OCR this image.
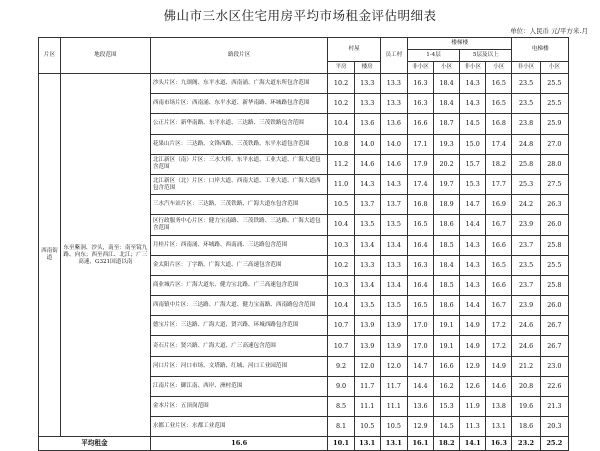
佛山市三水区住宅用房平均市场租金评估明细表
单位：人民币 元/平方米.月
片区	地段范围	路段片区	村屋		员工村	楼梯楼				电梯楼	
						1-4层		5层及以上			
			平房	楼房		非小区	小区	非小区	小区	非小区	小区
西南街道	东至紫洞、沙头，南至：南至镜九路、向东；西至西江、北江；广三高速，G321国道以南	沙头片区：九颂阁、东平水道、西南涌、广海大道东所包含范围	10.2	13.3	13.3	16.3	18.4	14.3	16.5	23.5	25.5
		西南市场片区：西南涌、东平水道、新华南路、环城路包含范围	10.2	13.3	13.3	16.3	18.4	14.3	16.5	23.5	25.5
		公正片区：新华南路、东平水道、三达路、三茂铁路包含范围	10.4	13.6	13.6	16.6	18.7	14.5	16.8	23.8	25.9
		花果山片区：三达路、文锋西路、三茂铁路、东平水道包含范围	10.8	14.0	14.0	17.1	19.3	15.0	17.4	24.8	27.0
		北江新区（南）片区：三水大桥、东平水道、工业大道、广海大道包含范围	11.2	14.6	14.6	17.9	20.2	15.7	18.2	25.8	28.0
		北江新区（北）片区：口岸大道、西南大道、工业大道、广海大道西包含范围	11.0	14.3	14.3	17.4	19.7	15.3	17.7	25.3	27.5
		三水汽车站片区：三达路、三茂铁路、广海大道东包含范围	10.5	13.7	13.7	16.8	18.9	14.7	16.9	24.2	26.3
		区行政服务中心片区：健力宝南路、三茂铁路、三达路、广海大道包含范围	10.4	13.5	13.5	16.5	18.6	14.4	16.7	23.9	26.0
		月桂片区：西南涌、环城路、西南涌、三达路包含范围	10.3	13.4	13.4	16.4	18.5	14.3	16.6	23.7	25.8
		金太阳片区：丁字路、广海大道、广三高速包含范围	10.2	13.3	13.3	16.3	18.4	14.3	16.5	23.5	25.5
		商业城片区：广海大道东、健力宝北路、广三高速包含范围	10.3	13.4	13.4	16.4	18.5	14.3	16.6	23.7	25.8
		西南镇中片区：三达路、广海大道、健力宝南路、西南路包含范围	10.4	13.5	13.5	16.5	18.6	14.4	16.7	23.9	26.0
		德宝片区：三达路、广海大道、贤兴路、环城西路包含范围	10.7	13.9	13.9	17.0	19.1	14.9	17.2	24.6	26.7
		奇石片区：贤兴路、广海大道、广三高速包含范围	10.7	13.9	13.9	17.0	19.1	14.9	17.2	24.6	26.7
		河口片区：河口市场、文塔路、红城、河口工业园范围	9.2	12.0	12.0	14.7	16.6	12.9	14.9	21.2	23.0
		江南片区：御江南、西岸、洲村范围	9.0	11.7	11.7	14.4	16.2	12.6	14.6	20.8	22.6
		金本片区：五顶岗范围	8.5	11.1	11.1	13.6	15.3	11.9	13.8	19.6	21.3
		水都工业片区：水都工业范围	8.1	10.5	10.5	12.9	14.5	11.3	13.1	18.6	20.3
平均租金		16.6	10.1	13.1	13.1	16.1	18.2	14.1	16.3	23.2	25.2
